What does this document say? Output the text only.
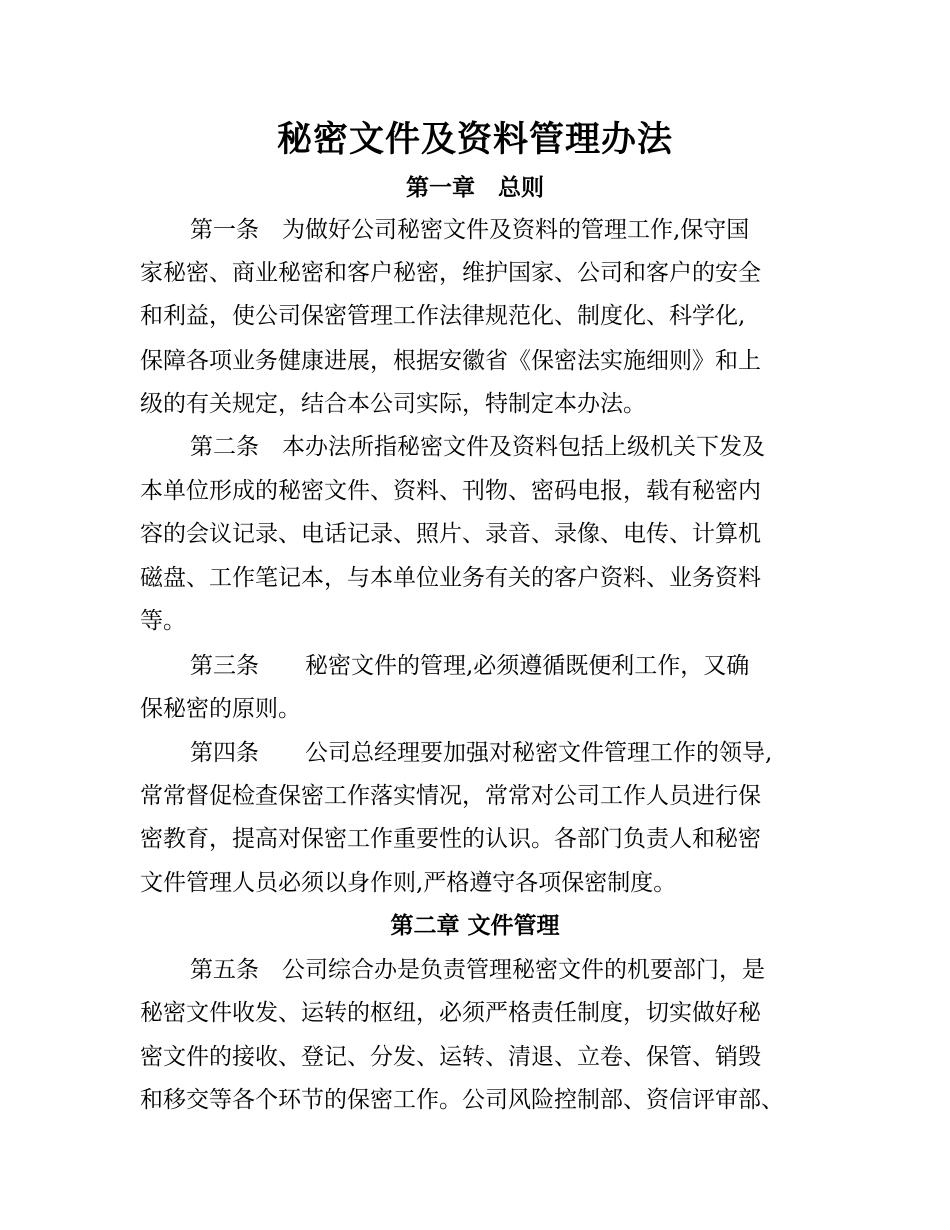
秘密文件及资料管理办法
第一章　总则
第一条　为做好公司秘密文件及资料的管理工作,保守国
家秘密、商业秘密和客户秘密，维护国家、公司和客户的安全
和利益，使公司保密管理工作法律规范化、制度化、科学化,
保障各项业务健康进展，根据安徽省《保密法实施细则》和上
级的有关规定，结合本公司实际，特制定本办法。
第二条　本办法所指秘密文件及资料包括上级机关下发及
本单位形成的秘密文件、资料、刊物、密码电报，载有秘密内
容的会议记录、电话记录、照片、录音、录像、电传、计算机
磁盘、工作笔记本，与本单位业务有关的客户资料、业务资料
等。
第三条　　秘密文件的管理,必须遵循既便利工作，又确
保秘密的原则。
第四条　　公司总经理要加强对秘密文件管理工作的领导,
常常督促检查保密工作落实情况，常常对公司工作人员进行保
密教育，提高对保密工作重要性的认识。各部门负责人和秘密
文件管理人员必须以身作则,严格遵守各项保密制度。
第二章 文件管理
第五条　公司综合办是负责管理秘密文件的机要部门，是
秘密文件收发、运转的枢纽，必须严格责任制度，切实做好秘
密文件的接收、登记、分发、运转、清退、立卷、保管、销毁
和移交等各个环节的保密工作。公司风险控制部、资信评审部、
